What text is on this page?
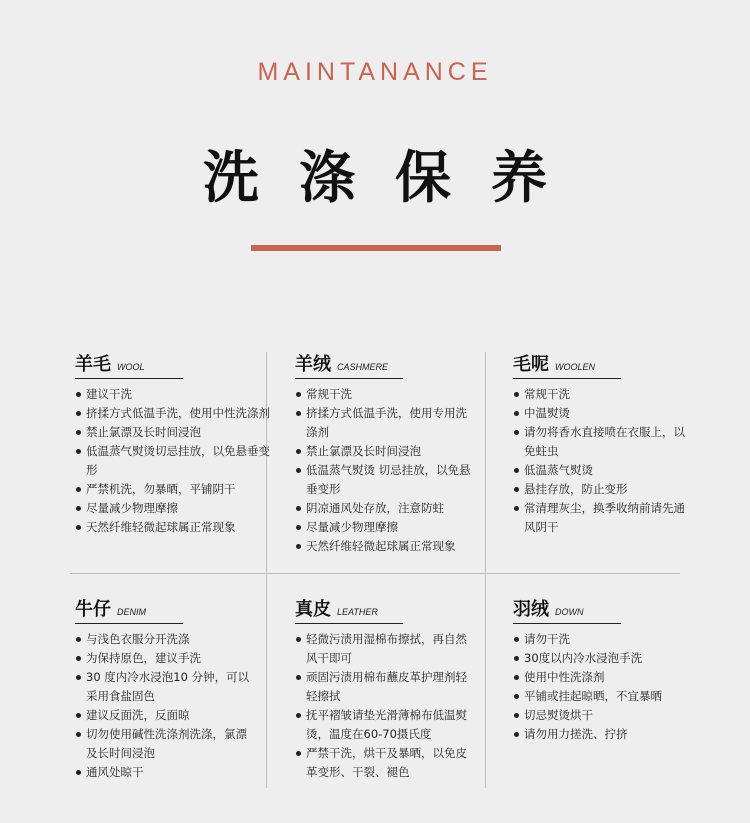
MAINTANANCE
洗涤保养
羊毛 WOOL
建议干洗
挤揉方式低温手洗，使用中性洗涤剂
禁止氯漂及长时间浸泡
低温蒸气熨烫切忌挂放，以免悬垂变形
严禁机洗，勿暴晒，平铺阴干
尽量减少物理摩擦
天然纤维轻微起球属正常现象
羊绒 CASHMERE
常规干洗
挤揉方式低温手洗，使用专用洗涤剂
禁止氯漂及长时间浸泡
低温蒸气熨烫 切忌挂放，以免悬垂变形
阴凉通风处存放，注意防蛀
尽量减少物理摩擦
天然纤维轻微起球属正常现象
毛呢 WOOLEN
常规干洗
中温熨烫
请勿将香水直接喷在衣服上，以免蛀虫
低温蒸气熨烫
悬挂存放，防止变形
常清理灰尘，换季收纳前请先通风阴干
牛仔 DENIM
与浅色衣服分开洗涤
为保持原色，建议手洗
30 度内冷水浸泡10 分钟，可以采用食盐固色
建议反面洗，反面晾
切勿使用碱性洗涤剂洗涤，氯漂及长时间浸泡
通风处晾干
真皮 LEATHER
轻微污渍用湿棉布擦拭，再自然风干即可
顽固污渍用棉布蘸皮革护理剂轻轻擦拭
抚平褶皱请垫光滑薄棉布低温熨烫，温度在60-70摄氏度
严禁干洗，烘干及暴晒，以免皮革变形、干裂、褪色
羽绒 DOWN
请勿干洗
30度以内冷水浸泡手洗
使用中性洗涤剂
平铺或挂起晾晒，不宜暴晒
切忌熨烫烘干
请勿用力搓洗、拧挤
